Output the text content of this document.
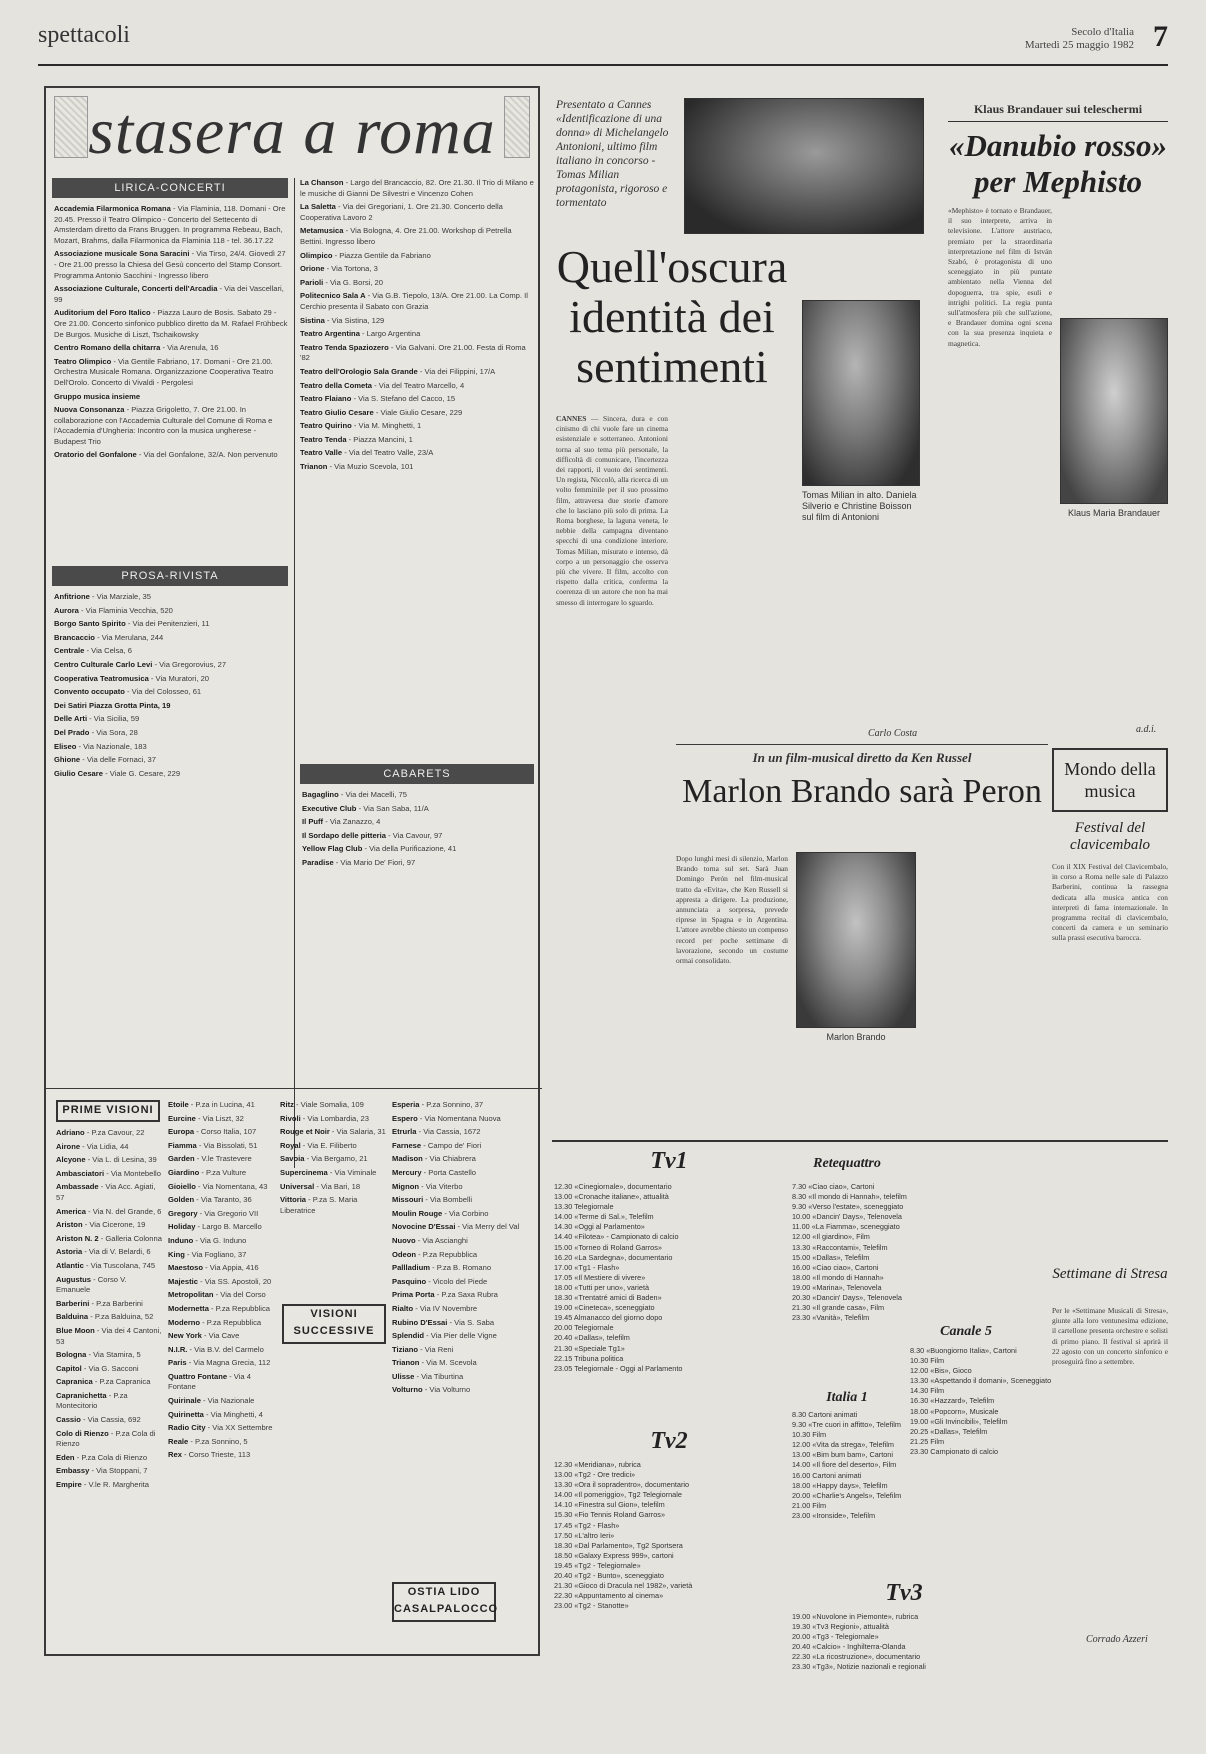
spettacoli	Secolo d'Italia
Martedì 25 maggio 1982 7
stasera a roma
LIRICA-CONCERTI

Accademia Filarmonica Romana - Via Flaminia, 118. Domani - Ore 20.45. Presso il Teatro Olimpico - Concerto del Settecento di Amsterdam diretto da Frans Bruggen. In programma Rebeau, Bach, Mozart, Brahms, dalla Filarmonica da Flaminia 118 - tel. 36.17.22

Associazione musicale Sona Saracini - Via Tirso, 24/4. Giovedì 27 - Ore 21.00 presso la Chiesa del Gesù concerto del Stamp Consort. Programma Antonio Sacchini - Ingresso libero

Associazione Culturale, Concerti dell'Arcadia - Via dei Vascellari, 99

Auditorium del Foro Italico - Piazza Lauro de Bosis. Sabato 29 - Ore 21.00. Concerto sinfonico pubblico diretto da M. Rafael Frühbeck De Burgos. Musiche di Liszt, Tschaikowsky

Centro Romano della chitarra - Via Arenula, 16

Teatro Olimpico - Via Gentile Fabriano, 17. Domani - Ore 21.00. Orchestra Musicale Romana. Organizzazione Cooperativa Teatro Dell'Orolo. Concerto di Vivaldi - Pergolesi

Gruppo musica insieme

Nuova Consonanza - Piazza Grigoletto, 7. Ore 21.00. In collaborazione con l'Accademia Culturale del Comune di Roma e l'Accademia d'Ungheria: Incontro con la musica ungherese - Budapest Trio

Oratorio del Gonfalone - Via del Gonfalone, 32/A. Non pervenuto

La Chanson - Largo del Brancaccio, 82. Ore 21.30. Il Trio di Milano e le musiche di Gianni De Silvestri e Vincenzo Cohen

La Saletta - Via dei Gregoriani, 1. Ore 21.30. Concerto della Cooperativa Lavoro 2

Metamusica - Via Bologna, 4. Ore 21.00. Workshop di Petrella Bettini. Ingresso libero

Olimpico - Piazza Gentile da Fabriano

Orione - Via Tortona, 3

Parioli - Via G. Borsi, 20

Politecnico Sala A - Via G.B. Tiepolo, 13/A. Ore 21.00. La Comp. Il Cerchio presenta il Sabato con Grazia

Sistina - Via Sistina, 129

Teatro Argentina - Largo Argentina

Teatro Tenda Spaziozero - Via Galvani. Ore 21.00. Festa di Roma '82

Teatro dell'Orologio Sala Grande - Via dei Filippini, 17/A

Teatro della Cometa - Via del Teatro Marcello, 4

Teatro Flaiano - Via S. Stefano del Cacco, 15

Teatro Giulio Cesare - Viale Giulio Cesare, 229

Teatro Quirino - Via M. Minghetti, 1

Teatro Tenda - Piazza Mancini, 1

Teatro Valle - Via del Teatro Valle, 23/A

Trianon - Via Muzio Scevola, 101

PROSA-RIVISTA

Anfitrione - Via Marziale, 35

Aurora - Via Flaminia Vecchia, 520

Borgo Santo Spirito - Via dei Penitenzieri, 11

Brancaccio - Via Merulana, 244

Centrale - Via Celsa, 6

Centro Culturale Carlo Levi - Via Gregorovius, 27

Cooperativa Teatromusica - Via Muratori, 20

Convento occupato - Via del Colosseo, 61

Dei Satiri Piazza Grotta Pinta, 19

Delle Arti - Via Sicilia, 59

Del Prado - Via Sora, 28

Eliseo - Via Nazionale, 183

Ghione - Via delle Fornaci, 37

Giulio Cesare - Viale G. Cesare, 229	CABARETS

Bagaglino - Via dei Macelli, 75

Executive Club - Via San Saba, 11/A

Il Puff - Via Zanazzo, 4

Il Sordapo delle pitteria - Via Cavour, 97

Yellow Flag Club - Via della Purificazione, 41

Paradise - Via Mario De' Fiori, 97

PRIME VISIONI

Adriano - P.za Cavour, 22

Airone - Via Lidia, 44

Alcyone - Via L. di Lesina, 39

Ambasciatori - Via Montebello

Ambassade - Via Acc. Agiati, 57

America - Via N. del Grande, 6

Ariston - Via Cicerone, 19

Ariston N. 2 - Galleria Colonna

Astoria - Via di V. Belardi, 6

Atlantic - Via Tuscolana, 745

Augustus - Corso V. Emanuele

Barberini - P.za Barberini

Balduina - P.za Balduina, 52

Blue Moon - Via dei 4 Cantoni, 53

Bologna - Via Stamira, 5

Capitol - Via G. Sacconi

Capranica - P.za Capranica

Capranichetta - P.za Montecitorio

Cassio - Via Cassia, 692

Colo di Rienzo - P.za Cola di Rienzo

Eden - P.za Cola di Rienzo

Embassy - Via Stoppani, 7

Empire - V.le R. Margherita

Etoile - P.za in Lucina, 41

Eurcine - Via Liszt, 32

Europa - Corso Italia, 107

Fiamma - Via Bissolati, 51

Garden - V.le Trastevere

Giardino - P.za Vulture

Gioiello - Via Nomentana, 43

Golden - Via Taranto, 36

Gregory - Via Gregorio VII

Holiday - Largo B. Marcello

Induno - Via G. Induno

King - Via Fogliano, 37

Maestoso - Via Appia, 416

Majestic - Via SS. Apostoli, 20

Metropolitan - Via del Corso

Modernetta - P.za Repubblica

Moderno - P.za Repubblica

New York - Via Cave

N.I.R. - Via B.V. del Carmelo

Paris - Via Magna Grecia, 112

Quattro Fontane - Via 4 Fontane

Quirinale - Via Nazionale

Quirinetta - Via Minghetti, 4

Radio City - Via XX Settembre

Reale - P.za Sonnino, 5

Rex - Corso Trieste, 113

Ritz - Viale Somalia, 109

Rivoli - Via Lombardia, 23

Rouge et Noir - Via Salaria, 31

Royal - Via E. Filiberto

Savoia - Via Bergamo, 21

Supercinema - Via Viminale

Universal - Via Bari, 18

Vittoria - P.za S. Maria Liberatrice

VISIONI SUCCESSIVE

Esperia - P.za Sonnino, 37

Espero - Via Nomentana Nuova

Etrurla - Via Cassia, 1672

Farnese - Campo de' Fiori

Madison - Via Chiabrera

Mercury - Porta Castello

Mignon - Via Viterbo

Missouri - Via Bombelli

Moulin Rouge - Via Corbino

Novocine D'Essai - Via Merry del Val

Nuovo - Via Ascianghi

Odeon - P.za Repubblica

Pallladium - P.za B. Romano

Pasquino - Vicolo del Piede

Prima Porta - P.za Saxa Rubra

Rialto - Via IV Novembre

Rubino D'Essai - Via S. Saba

Splendid - Via Pier delle Vigne

Tiziano - Via Reni

Trianon - Via M. Scevola

Ulisse - Via Tiburtina

Volturno - Via Volturno

OSTIA LIDO CASALPALOCCO
Presentato a Cannes «Identificazione di una donna» di Michelangelo Antonioni, ultimo film italiano in concorso - Tomas Milian protagonista, rigoroso e tormentato
Quell'oscura identità dei sentimenti
Tomas Milian in alto. Daniela Silverio e Christine Boisson sul film di Antonioni
CANNES — Sincera, dura e con cinismo di chi vuole fare un cinema esistenziale e sotterraneo. Antonioni torna al suo tema più personale, la difficoltà di comunicare, l'incertezza dei rapporti, il vuoto dei sentimenti. Un regista, Niccolò, alla ricerca di un volto femminile per il suo prossimo film, attraversa due storie d'amore che lo lasciano più solo di prima. La Roma borghese, la laguna veneta, le nebbie della campagna diventano specchi di una condizione interiore. Tomas Milian, misurato e intenso, dà corpo a un personaggio che osserva più che vivere. Il film, accolto con rispetto dalla critica, conferma la coerenza di un autore che non ha mai smesso di interrogare lo sguardo.
Carlo Costa
In un film-musical diretto da Ken Russel
Marlon Brando sarà Peron
Dopo lunghi mesi di silenzio, Marlon Brando torna sul set. Sarà Juan Domingo Perón nel film-musical tratto da «Evita», che Ken Russell si appresta a dirigere. La produzione, annunciata a sorpresa, prevede riprese in Spagna e in Argentina. L'attore avrebbe chiesto un compenso record per poche settimane di lavorazione, secondo un costume ormai consolidato.
Marlon Brando
Klaus Brandauer sui teleschermi
«Danubio rosso» per Mephisto
«Mephisto» è tornato e Brandauer, il suo interprete, arriva in televisione. L'attore austriaco, premiato per la straordinaria interpretazione nel film di István Szabó, è protagonista di uno sceneggiato in più puntate ambientato nella Vienna del dopoguerra, tra spie, esuli e intrighi politici. La regia punta sull'atmosfera più che sull'azione, e Brandauer domina ogni scena con la sua presenza inquieta e magnetica.
Klaus Maria Brandauer
a.d.i.
Mondo della musica
Festival del clavicembalo
Con il XIX Festival del Clavicembalo, in corso a Roma nelle sale di Palazzo Barberini, continua la rassegna dedicata alla musica antica con interpreti di fama internazionale. In programma recital di clavicembalo, concerti da camera e un seminario sulla prassi esecutiva barocca.
Settimane di Stresa
Per le «Settimane Musicali di Stresa», giunte alla loro ventunesima edizione, il cartellone presenta orchestre e solisti di primo piano. Il festival si aprirà il 22 agosto con un concerto sinfonico e proseguirà fino a settembre.
Corrado Azzeri
Tv1
12.30 «Cinegiornale», documentario
13.00 «Cronache italiane», attualità
13.30 Telegiornale
14.00 «Terme di Sal.», Telefilm
14.30 «Oggi al Parlamento»
14.40 «Filotea» - Campionato di calcio
15.00 «Torneo di Roland Garros»
16.20 «La Sardegna», documentario
17.00 «Tg1 - Flash»
17.05 «Il Mestiere di vivere»
18.00 «Tutti per uno», varietà
18.30 «Trentatré amici di Baden»
19.00 «Cineteca», sceneggiato
19.45 Almanacco del giorno dopo
20.00 Telegiornale
20.40 «Dallas», telefilm
21.30 «Speciale Tg1»
22.15 Tribuna politica
23.05 Telegiornale - Oggi al Parlamento
Tv2
12.30 «Meridiana», rubrica
13.00 «Tg2 - Ore tredici»
13.30 «Ora il sopradentro», documentario
14.00 «Il pomeriggio», Tg2 Telegiornale
14.10 «Finestra sul Gion», telefilm
15.30 «Fio Tennis Roland Garros»
17.45 «Tg2 - Flash»
17.50 «L'altro Ieri»
18.30 «Dal Parlamento», Tg2 Sportsera
18.50 «Galaxy Express 999», cartoni
19.45 «Tg2 - Telegiornale»
20.40 «Tg2 - Bunto», sceneggiato
21.30 «Gioco di Dracula nel 1982», varietà
22.30 «Appuntamento al cinema»
23.00 «Tg2 - Stanotte»	Tv3
19.00 «Nuvolone in Piemonte», rubrica
19.30 «Tv3 Regioni», attualità
20.00 «Tg3 - Telegiornale»
20.40 «Calcio» - Inghilterra-Olanda
22.30 «La ricostruzione», documentario
23.30 «Tg3», Notizie nazionali e regionali
Retequattro
7.30 «Ciao ciao», Cartoni
8.30 «Il mondo di Hannah», telefilm
9.30 «Verso l'estate», sceneggiato
10.00 «Dancin' Days», Telenovela
11.00 «La Fiamma», sceneggiato
12.00 «Il giardino», Film
13.30 «Raccontami», Telefilm
15.00 «Dallas», Telefilm
16.00 «Ciao ciao», Cartoni
18.00 «Il mondo di Hannah»
19.00 «Marina», Telenovela
20.30 «Dancin' Days», Telenovela
21.30 «Il grande casa», Film
23.30 «Vanità», Telefilm
Italia 1
8.30 Cartoni animati
9.30 «Tre cuori in affitto», Telefilm
10.30 Film
12.00 «Vita da strega», Telefilm
13.00 «Bim bum bam», Cartoni
14.00 «Il fiore del deserto», Film
16.00 Cartoni animati
18.00 «Happy days», Telefilm
20.00 «Charlie's Angels», Telefilm
21.00 Film
23.00 «Ironside», Telefilm
Canale 5
8.30 «Buongiorno Italia», Cartoni
10.30 Film
12.00 «Bis», Gioco
13.30 «Aspettando il domani», Sceneggiato
14.30 Film
16.30 «Hazzard», Telefilm
18.00 «Popcorn», Musicale
19.00 «Gli Invincibili», Telefilm
20.25 «Dallas», Telefilm
21.25 Film
23.30 Campionato di calcio
